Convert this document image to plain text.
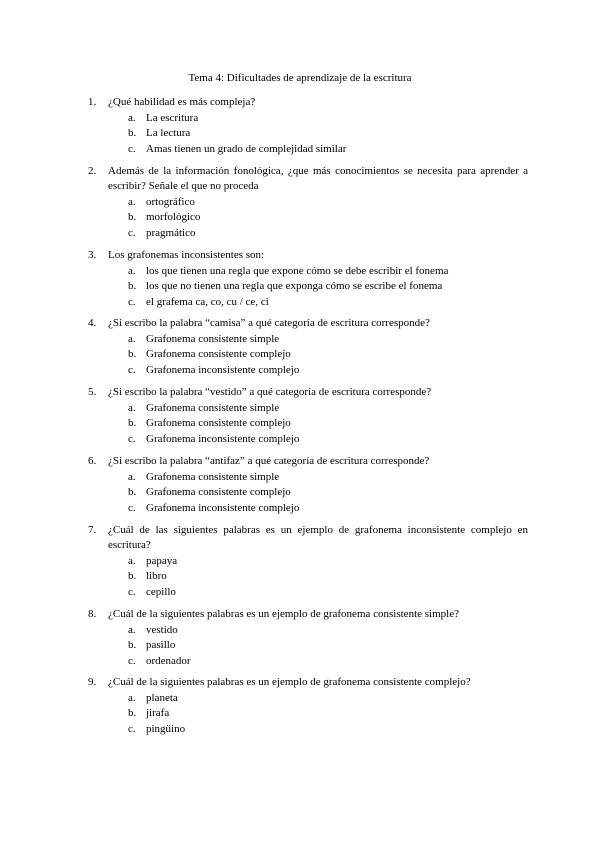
Tema 4: Dificultades de aprendizaje de la escritura
1.	¿Qué habilidad es más compleja?
a. La escritura
b. La lectura
c. Amas tienen un grado de complejidad similar
2.	Además de la información fonológica, ¿que más conocimientos se necesita para aprender a escribir? Señale el que no proceda
a. ortográfico
b. morfológico
c. pragmático
3.	Los grafonemas inconsistentes son:
a. los que tienen una regla que expone cómo se debe escribir el fonema
b. los que no tienen una regla que exponga cómo se escribe el fonema
c. el grafema ca, co, cu / ce, ci
4.	¿Si escribo la palabra “camisa” a qué categoría de escritura corresponde?
a. Grafonema consistente simple
b. Grafonema consistente complejo
c. Grafonema inconsistente complejo
5.	¿Si escribo la palabra “vestido” a qué categoría de escritura corresponde?
a. Grafonema consistente simple
b. Grafonema consistente complejo
c. Grafonema inconsistente complejo
6.	¿Si escribo la palabra “antifaz” a qué categoría de escritura corresponde?
a. Grafonema consistente simple
b. Grafonema consistente complejo
c. Grafonema inconsistente complejo
7.	¿Cuál de las siguientes palabras es un ejemplo de grafonema inconsistente complejo en escritura?
a. papaya
b. libro
c. cepillo
8.	¿Cuál de la siguientes palabras es un ejemplo de grafonema consistente simple?
a. vestido
b. pasillo
c. ordenador
9.	¿Cuál de la siguientes palabras es un ejemplo de grafonema consistente complejo?
a. planeta
b. jirafa
c. pingüino
